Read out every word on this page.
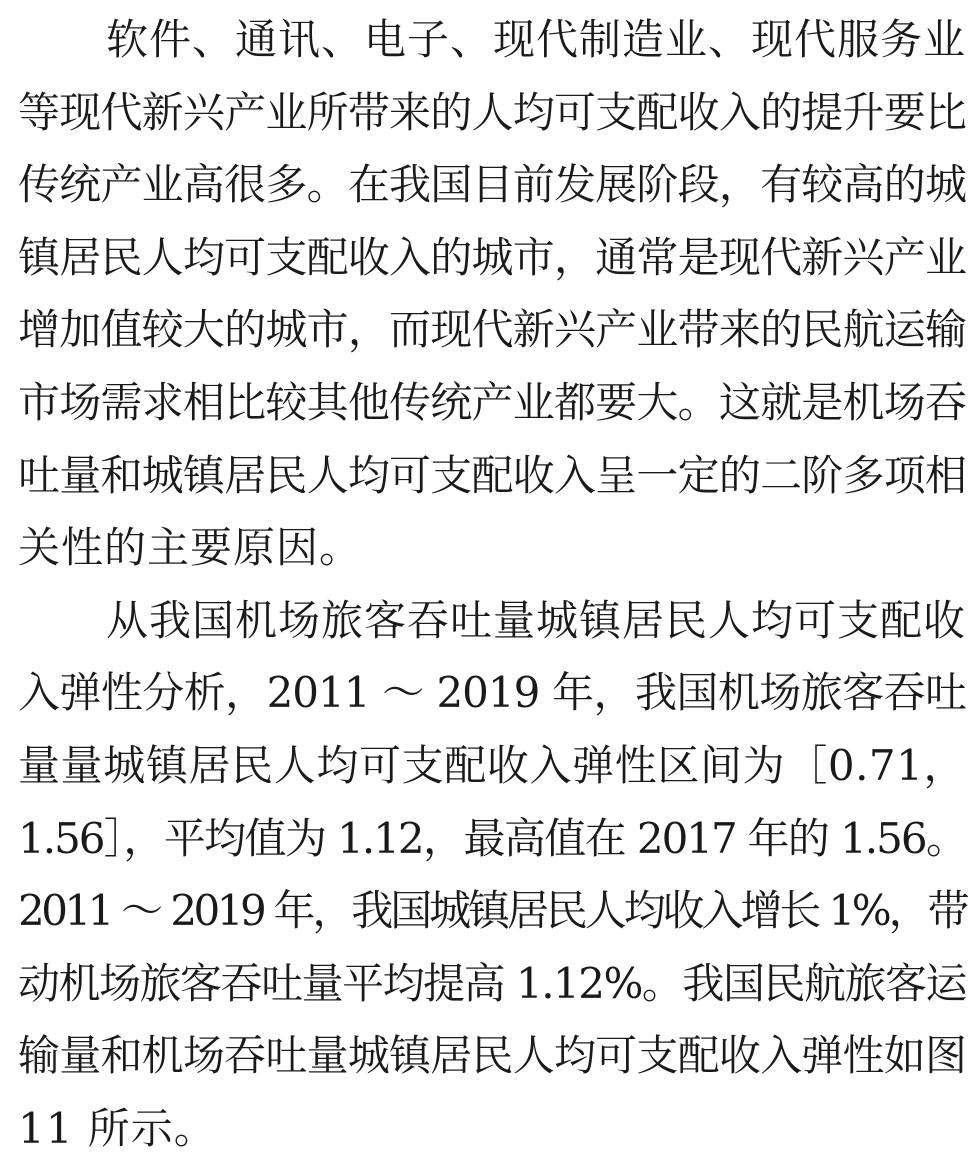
软件、通讯、电子、现代制造业、现代服务业
等现代新兴产业所带来的人均可支配收入的提升要比
传统产业高很多。在我国目前发展阶段，有较高的城
镇居民人均可支配收入的城市，通常是现代新兴产业
增加值较大的城市，而现代新兴产业带来的民航运输
市场需求相比较其他传统产业都要大。这就是机场吞
吐量和城镇居民人均可支配收入呈一定的二阶多项相
关性的主要原因。
从我国机场旅客吞吐量城镇居民人均可支配收
入弹性分析，2011 ～ 2019 年，我国机场旅客吞吐
量量城镇居民人均可支配收入弹性区间为［0.71，
1.56］，平均值为 1.12，最高值在 2017 年的 1.56。
2011 ～ 2019 年，我国城镇居民人均收入增长 1%，带
动机场旅客吞吐量平均提高 1.12%。我国民航旅客运
输量和机场吞吐量城镇居民人均可支配收入弹性如图
11 所示。
